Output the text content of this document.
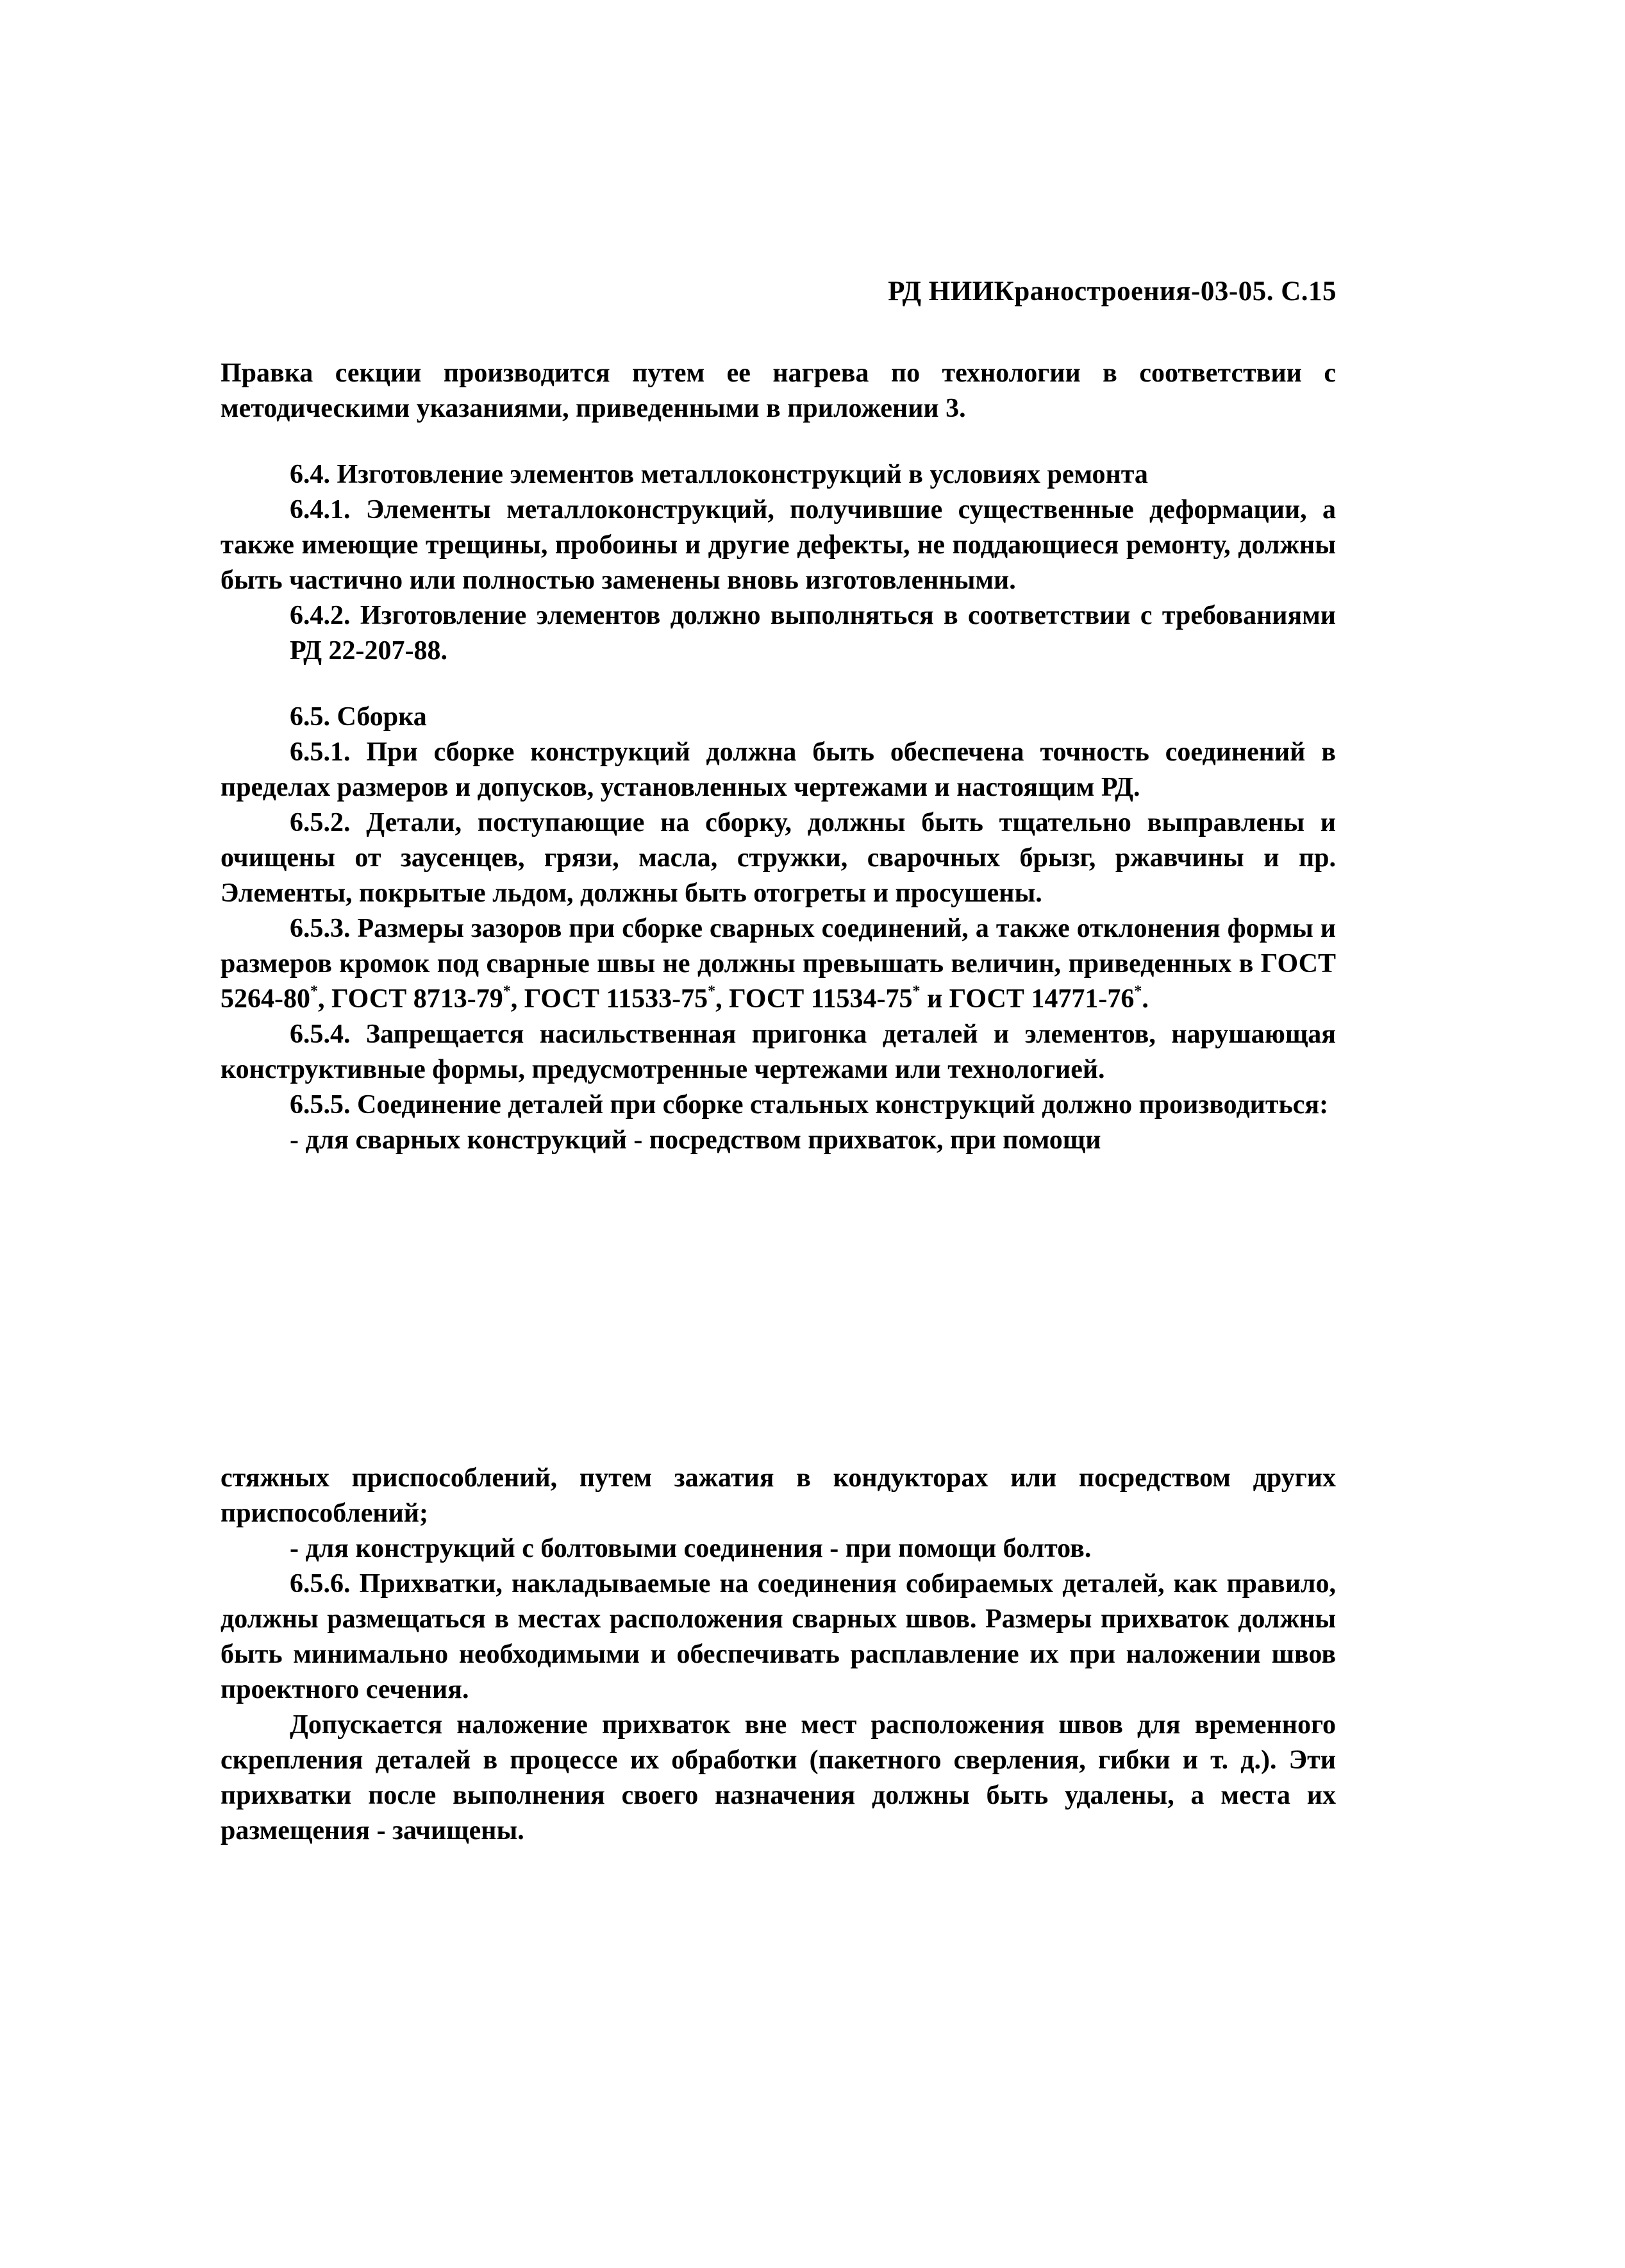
РД НИИКраностроения-03-05. С.15

Правка секции производится путем ее нагрева по технологии в соответствии с методическими указаниями, приведенными в приложении 3.

6.4. Изготовление элементов металлоконструкций в условиях ремонта

6.4.1. Элементы металлоконструкций, получившие существенные деформации, а также имеющие трещины, пробоины и другие дефекты, не поддающиеся ремонту, должны быть частично или полностью заменены вновь изготовленными.

6.4.2. Изготовление элементов должно выполняться в соответствии с требованиями РД 22-207-88.

6.5. Сборка

6.5.1. При сборке конструкций должна быть обеспечена точность соединений в пределах размеров и допусков, установленных чертежами и настоящим РД.

6.5.2. Детали, поступающие на сборку, должны быть тщательно выправлены и очищены от заусенцев, грязи, масла, стружки, сварочных брызг, ржавчины и пр. Элементы, покрытые льдом, должны быть отогреты и просушены.

6.5.3. Размеры зазоров при сборке сварных соединений, а также отклонения формы и размеров кромок под сварные швы не должны превышать величин, приведенных в ГОСТ 5264-80*, ГОСТ 8713-79*, ГОСТ 11533-75*, ГОСТ 11534-75* и ГОСТ 14771-76*.

6.5.4. Запрещается насильственная пригонка деталей и элементов, нарушающая конструктивные формы, предусмотренные чертежами или технологией.

6.5.5. Соединение деталей при сборке стальных конструкций должно производиться:

- для сварных конструкций - посредством прихваток, при помощи

стяжных приспособлений, путем зажатия в кондукторах или посредством других приспособлений;

- для конструкций с болтовыми соединения - при помощи болтов.

6.5.6. Прихватки, накладываемые на соединения собираемых деталей, как правило, должны размещаться в местах расположения сварных швов. Размеры прихваток должны быть минимально необходимыми и обеспечивать расплавление их при наложении швов проектного сечения.

Допускается наложение прихваток вне мест расположения швов для временного скрепления деталей в процессе их обработки (пакетного сверления, гибки и т. д.). Эти прихватки после выполнения своего назначения должны быть удалены, а места их размещения - зачищены.
